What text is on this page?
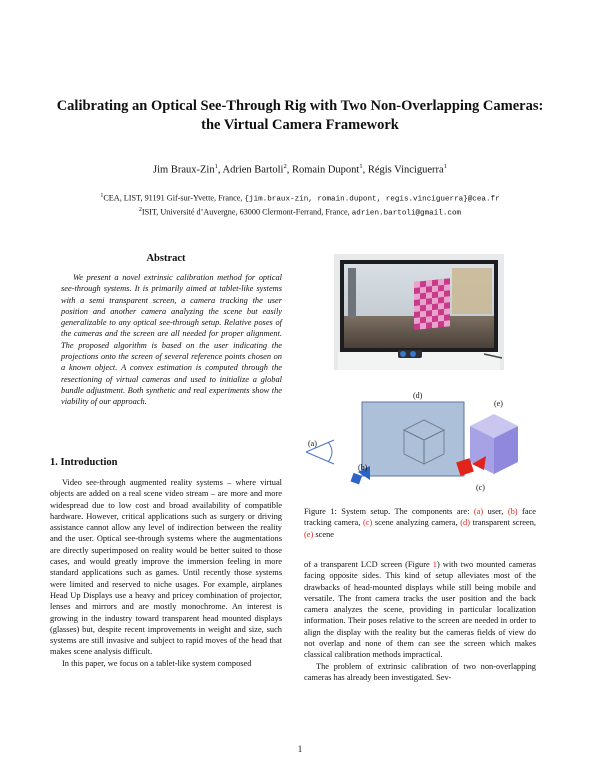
Calibrating an Optical See-Through Rig with Two Non-Overlapping Cameras:
the Virtual Camera Framework
Jim Braux-Zin$^1$, Adrien Bartoli$^2$, Romain Dupont$^1$, Régis Vinciguerra$^1$
$^1$CEA, LIST, 91191 Gif-sur-Yvette, France, {jim.braux-zin, romain.dupont, regis.vinciguerra}@cea.fr
$^2$ISIT, Université d’Auvergne, 63000 Clermont-Ferrand, France, adrien.bartoli@gmail.com
Abstract

We present a novel extrinsic calibration method for optical see-through systems. It is primarily aimed at tablet-like systems with a semi transparent screen, a camera tracking the user position and another camera analyzing the scene but easily generalizable to any optical see-through setup. Relative poses of the cameras and the screen are all needed for proper alignment. The proposed algorithm is based on the user indicating the projections onto the screen of several reference points chosen on a known object. A convex estimation is computed through the resectioning of virtual cameras and used to initialize a global bundle adjustment. Both synthetic and real experiments show the viability of our approach.

1. Introduction

Video see-through augmented reality systems – where virtual objects are added on a real scene video stream – are more and more widespread due to low cost and broad availability of compatible hardware. However, critical applications such as surgery or driving assistance cannot allow any level of indirection between the reality and the user. Optical see-through systems where the augmentations are directly superimposed on reality would be better suited to those cases, and would greatly improve the immersion feeling in more standard applications such as games. Until recently those systems were limited and reserved to niche usages. For example, airplanes Head Up Displays use a heavy and pricey combination of projector, lenses and mirrors and are mostly monochrome. An interest is growing in the industry toward transparent head mounted displays (glasses) but, despite recent improvements in weight and size, such systems are still invasive and subject to rapid moves of the head that makes scene analysis difficult.

In this paper, we focus on a tablet-like system composed

(a)
(b)
(c)
(d)
(e)
Figure 1: System setup. The components are: (a) user, (b) face tracking camera, (c) scene analyzing camera, (d) transparent screen, (e) scene

of a transparent LCD screen (Figure 1) with two mounted cameras facing opposite sides. This kind of setup alleviates most of the drawbacks of head-mounted displays while still being mobile and versatile. The front camera tracks the user position and the back camera analyzes the scene, providing in particular localization information. Their poses relative to the screen are needed in order to align the display with the reality but the cameras fields of view do not overlap and none of them can see the screen which makes classical calibration methods impractical.

The problem of extrinsic calibration of two non-overlapping cameras has already been investigated. Sev-

1
